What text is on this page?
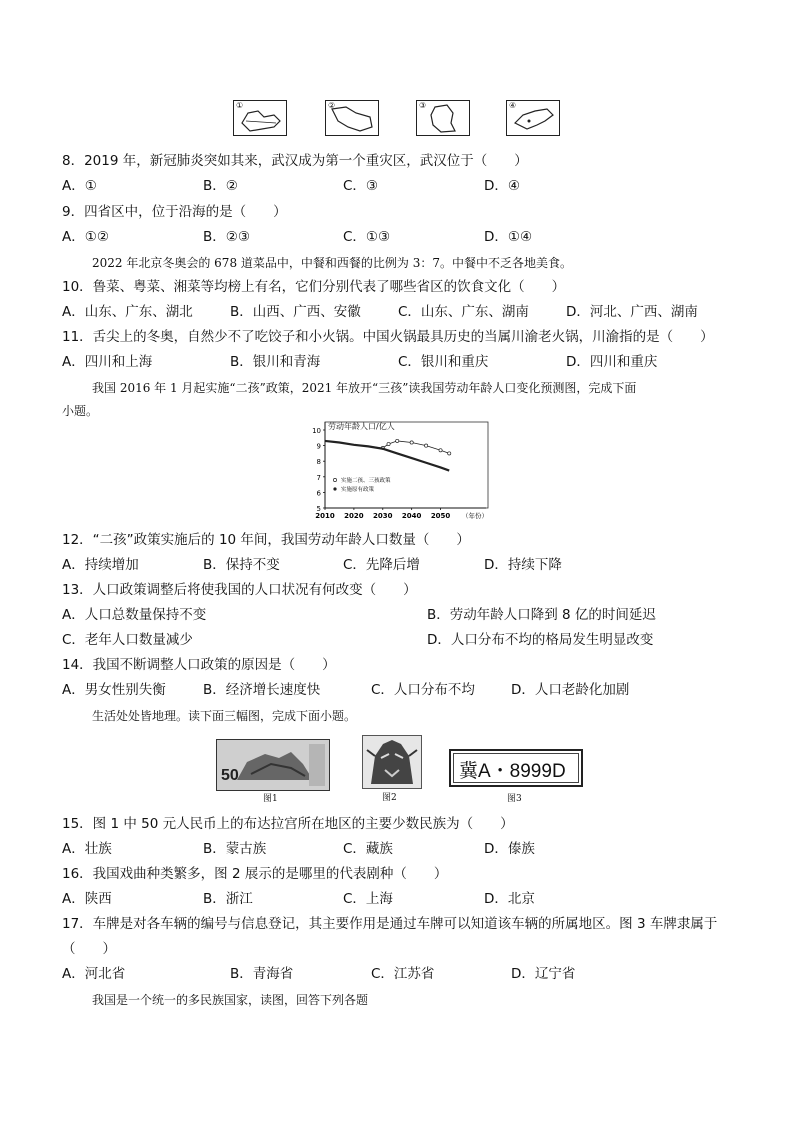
①	②	③	④
8．2019 年，新冠肺炎突如其来，武汉成为第一个重灾区，武汉位于（　　）
A．①	B．②	C．③	D．④
9．四省区中，位于沿海的是（　　）
A．①②	B．②③	C．①③	D．①④
2022 年北京冬奥会的 678 道菜品中，中餐和西餐的比例为 3：7。中餐中不乏各地美食。
10．鲁菜、粤菜、湘菜等均榜上有名，它们分别代表了哪些省区的饮食文化（　　）
A．山东、广东、湖北	B．山西、广西、安徽	C．山东、广东、湖南	D．河北、广西、湖南
11．舌尖上的冬奥，自然少不了吃饺子和小火锅。中国火锅最具历史的当属川渝老火锅，川渝指的是（　　）
A．四川和上海	B．银川和青海	C．银川和重庆	D．四川和重庆
我国 2016 年 1 月起实施“二孩”政策，2021 年放开“三孩”读我国劳动年龄人口变化预测图，完成下面
小题。
劳动年龄人口/亿人
5
6
7
8
9
10
2010 2020 2030 2040 2050 （年份）
实施二孩、三孩政策
实施原有政策
12．“二孩”政策实施后的 10 年间，我国劳动年龄人口数量（　　）
A．持续增加	B．保持不变	C．先降后增	D．持续下降
13．人口政策调整后将使我国的人口状况有何改变（　　）
A．人口总数量保持不变	B．劳动年龄人口降到 8 亿的时间延迟
C．老年人口数量减少	D．人口分布不均的格局发生明显改变
14．我国不断调整人口政策的原因是（　　）
A．男女性别失衡	B．经济增长速度快	C．人口分布不均	D．人口老龄化加剧
生活处处皆地理。读下面三幅图，完成下面小题。
50
图1	图2
冀A・8999D
图3
15．图 1 中 50 元人民币上的布达拉宫所在地区的主要少数民族为（　　）
A．壮族	B．蒙古族	C．藏族	D．傣族
16．我国戏曲种类繁多，图 2 展示的是哪里的代表剧种（　　）
A．陕西	B．浙江	C．上海	D．北京
17．车牌是对各车辆的编号与信息登记，其主要作用是通过车牌可以知道该车辆的所属地区。图 3 车牌隶属于
（　　）
A．河北省	B．青海省	C．江苏省	D．辽宁省
我国是一个统一的多民族国家，读图，回答下列各题
